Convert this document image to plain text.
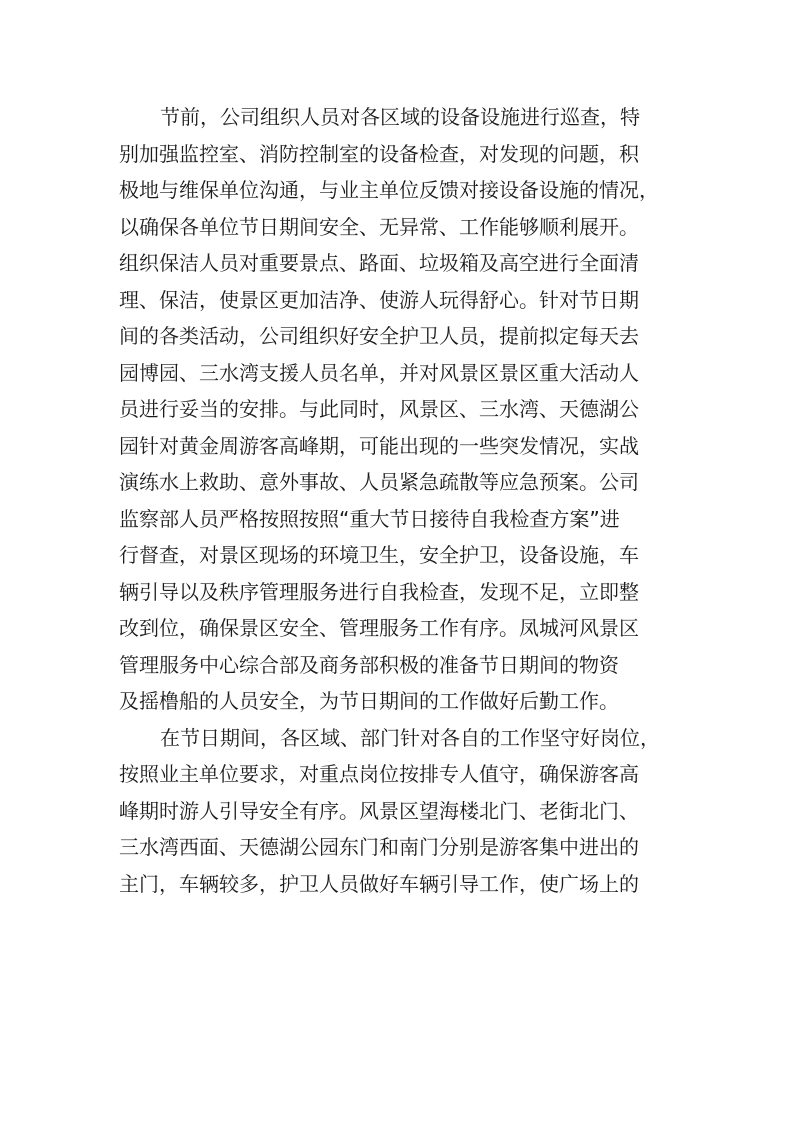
节前，公司组织人员对各区域的设备设施进行巡查，特
别加强监控室、消防控制室的设备检查，对发现的问题，积
极地与维保单位沟通，与业主单位反馈对接设备设施的情况，
以确保各单位节日期间安全、无异常、工作能够顺利展开。
组织保洁人员对重要景点、路面、垃圾箱及高空进行全面清
理、保洁，使景区更加洁净、使游人玩得舒心。针对节日期
间的各类活动，公司组织好安全护卫人员，提前拟定每天去
园博园、三水湾支援人员名单，并对风景区景区重大活动人
员进行妥当的安排。与此同时，风景区、三水湾、天德湖公
园针对黄金周游客高峰期，可能出现的一些突发情况，实战
演练水上救助、意外事故、人员紧急疏散等应急预案。公司
监察部人员严格按照按照“重大节日接待自我检查方案”进
行督查，对景区现场的环境卫生，安全护卫，设备设施，车
辆引导以及秩序管理服务进行自我检查，发现不足，立即整
改到位，确保景区安全、管理服务工作有序。凤城河风景区
管理服务中心综合部及商务部积极的准备节日期间的物资
及摇橹船的人员安全，为节日期间的工作做好后勤工作。
在节日期间，各区域、部门针对各自的工作坚守好岗位，
按照业主单位要求，对重点岗位按排专人值守，确保游客高
峰期时游人引导安全有序。风景区望海楼北门、老街北门、
三水湾西面、天德湖公园东门和南门分别是游客集中进出的
主门，车辆较多，护卫人员做好车辆引导工作，使广场上的
